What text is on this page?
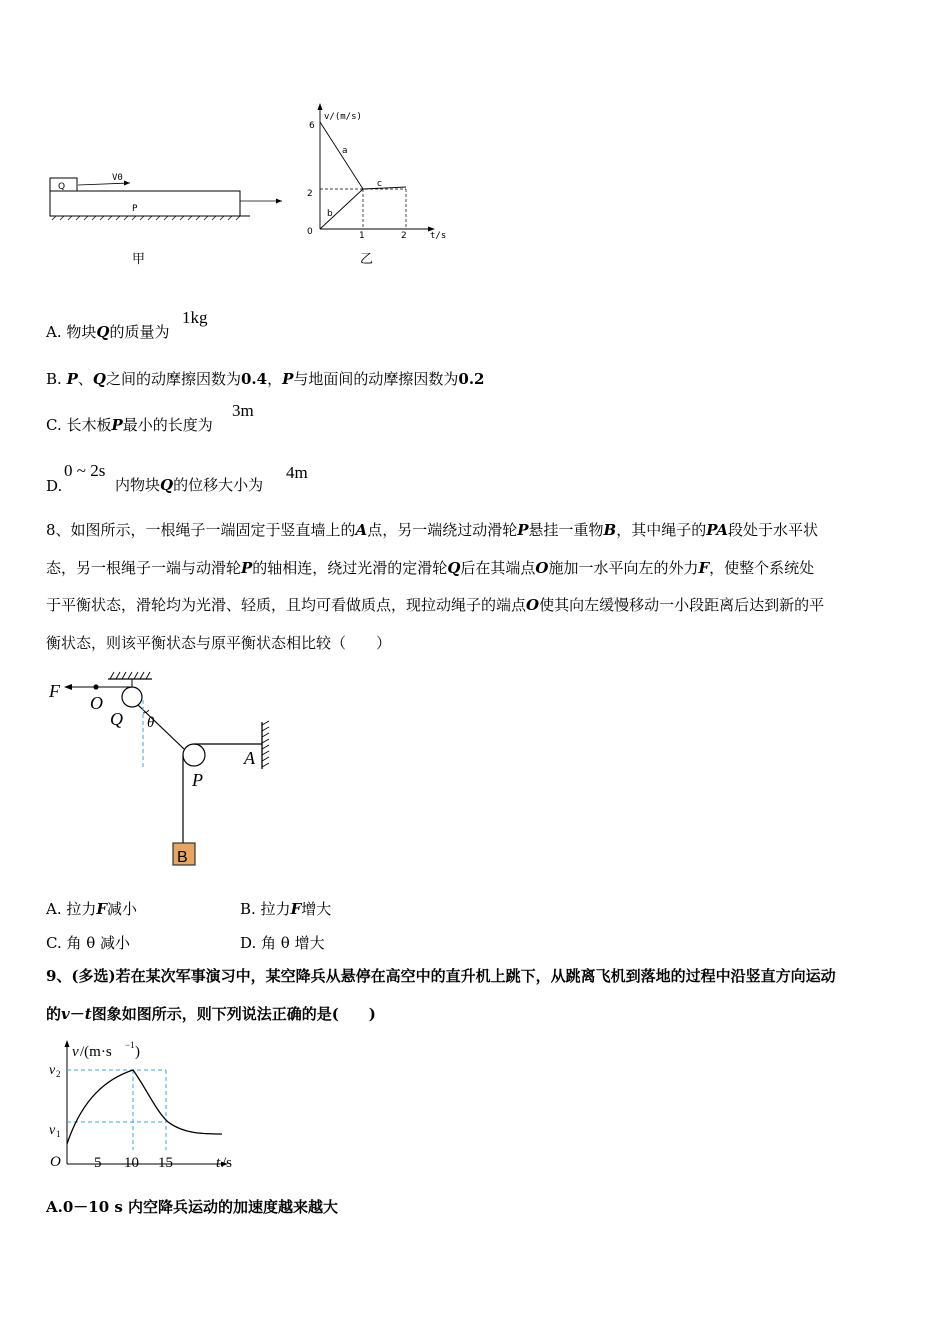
Q
V0
P
甲
v/(m/s)
t/s
6
2
0	1	2
a
b
c
乙
A. 物块Q的质量为
1kg
B. P、Q之间的动摩擦因数为0.4，P与地面间的动摩擦因数为0.2
C. 长木板P最小的长度为
3m
D.
0 ~ 2s
内物块Q的位移大小为
4m
8、如图所示，一根绳子一端固定于竖直墙上的A点，另一端绕过动滑轮P悬挂一重物B，其中绳子的PA段处于水平状
态，另一根绳子一端与动滑轮P的轴相连，绕过光滑的定滑轮Q后在其端点O施加一水平向左的外力F，使整个系统处
于平衡状态，滑轮均为光滑、轻质，且均可看做质点，现拉动绳子的端点O使其向左缓慢移动一小段距离后达到新的平
衡状态，则该平衡状态与原平衡状态相比较（　　）
B
F
O
Q θ
A
P
A. 拉力F减小	B. 拉力F增大
C. 角 θ 减小	D. 角 θ 增大
9、(多选)若在某次军事演习中，某空降兵从悬停在高空中的直升机上跳下，从跳离飞机到落地的过程中沿竖直方向运动
的v－t图象如图所示，则下列说法正确的是(　　)
v /(m·s −1 )
v 2
v 1
O 5 10 15	t /s
A.0－10 s 内空降兵运动的加速度越来越大
